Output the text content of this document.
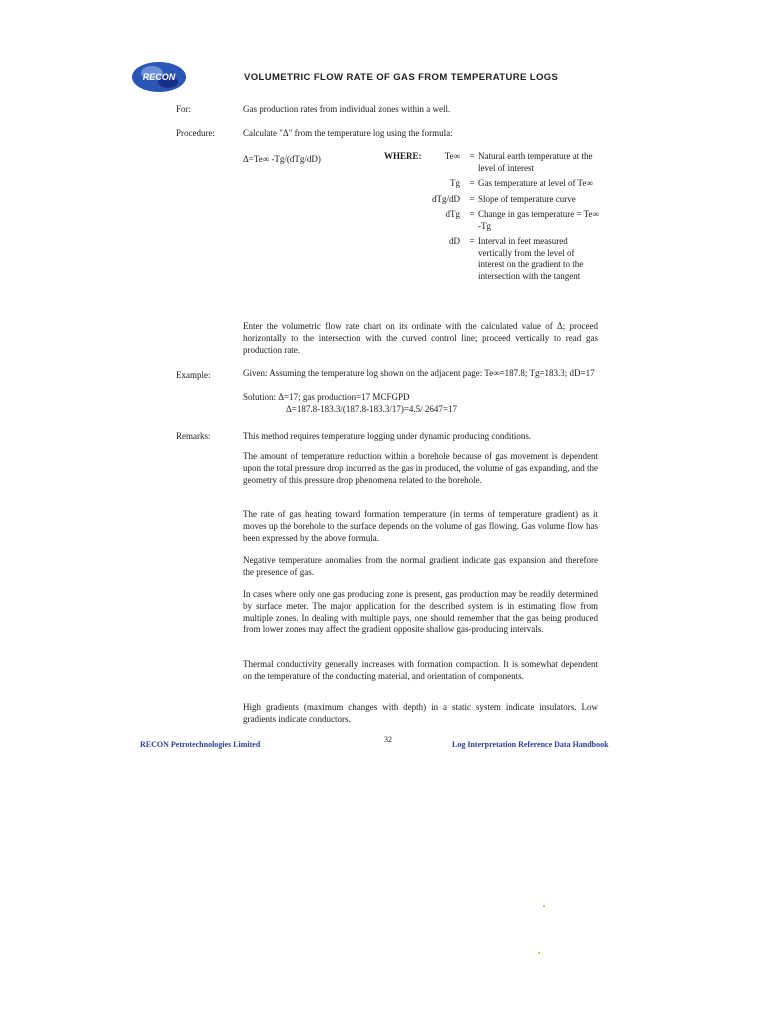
RECON	VOLUMETRIC FLOW RATE OF GAS FROM TEMPERATURE LOGS
For:	Gas production rates from individual zones within a well.
Procedure:	Calculate "Δ" from the temperature log using the formula:
Δ=Te∞ -Tg/(dTg/dD)	WHERE:	Te∞	= Natural earth temperature at the level of interest
Tg	= Gas temperature at level of Te∞
dTg/dD	= Slope of temperature curve
dTg	= Change in gas temperature = Te∞ -Tg
dD	= Interval in feet measured vertically from the level of interest on the gradient to the intersection with the tangent
Enter the volumetric flow rate chart on its ordinate with the calculated value of Δ; proceed horizontally to the intersection with the curved control line; proceed vertically to read gas production rate.
Example:	Given: Assuming the temperature log shown on the adjacent page: Te∞=187.8; Tg=183.3; dD=17
Solution: Δ=17; gas production=17 MCFGPD
Δ=187.8-183.3/(187.8-183.3/17)=4.5/ 2647=17
Remarks:	This method requires temperature logging under dynamic producing conditions.
The amount of temperature reduction within a borehole because of gas movement is dependent upon the total pressure drop incurred as the gas in produced, the volume of gas expanding, and the geometry of this pressure drop phenomena related to the borehole.
The rate of gas heating toward formation temperature (in terms of temperature gradient) as it moves up the borehole to the surface depends on the volume of gas flowing. Gas volume flow has been expressed by the above formula.
Negative temperature anomalies from the normal gradient indicate gas expansion and therefore the presence of gas.
In cases where only one gas producing zone is present, gas production may be readily determined by surface meter. The major application for the described system is in estimating flow from multiple zones. In dealing with multiple pays, one should remember that the gas being produced from lower zones may affect the gradient opposite shallow gas-producing intervals.
Thermal conductivity generally increases with formation compaction. It is somewhat dependent on the temperature of the conducting material, and orientation of components.
High gradients (maximum changes with depth) in a static system indicate insulators. Low gradients indicate conductors.
RECON Petrotechnologies Limited
32
Log Interpretation Reference Data Handbook
